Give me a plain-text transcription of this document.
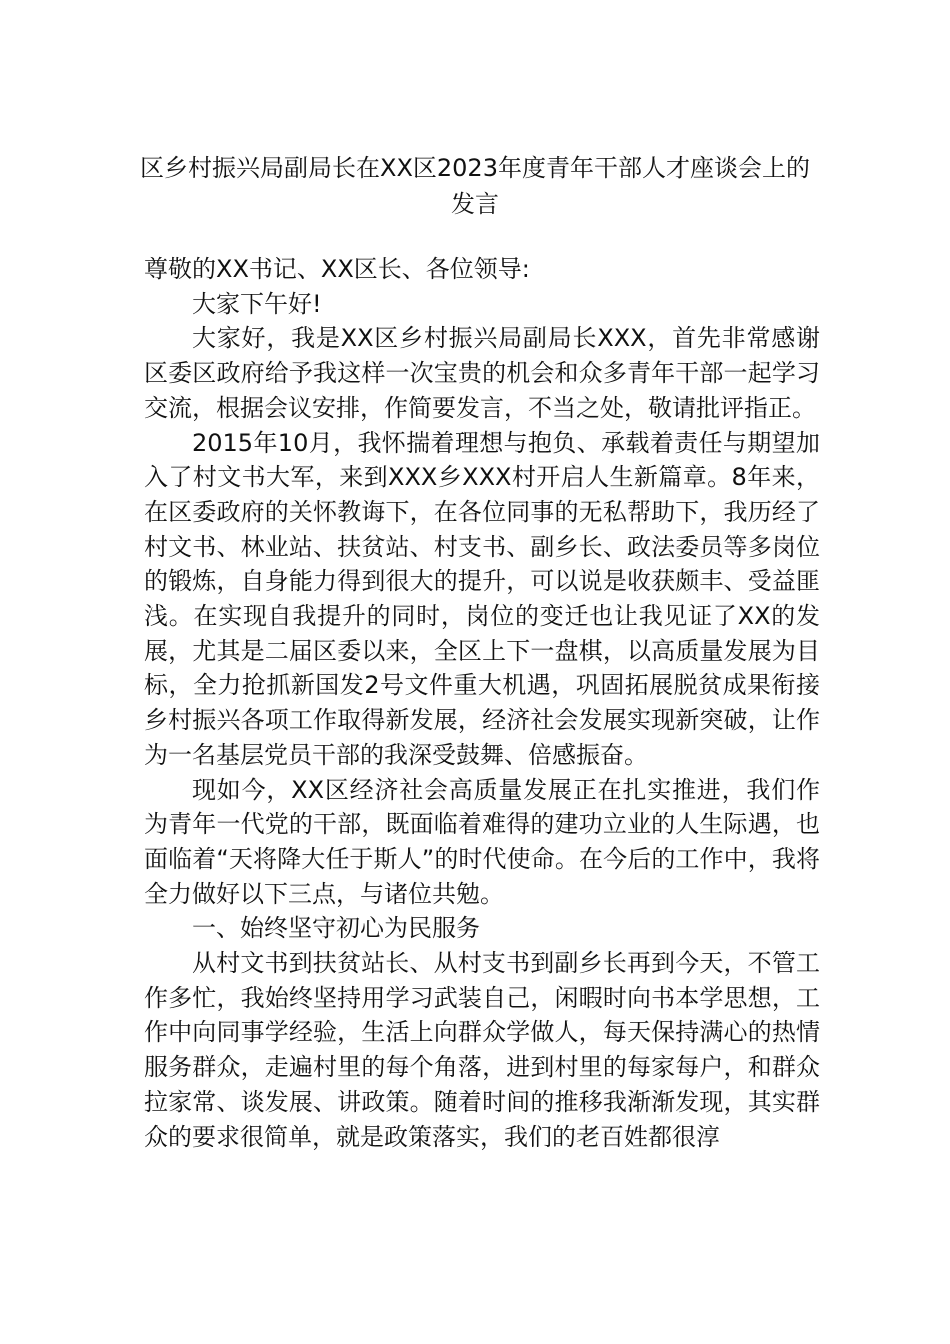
区乡村振兴局副局长在XX区2023年度青年干部人才座谈会上的发言

尊敬的XX书记、XX区长、各位领导:

大家下午好!

大家好，我是XX区乡村振兴局副局长XXX，首先非常感谢区委区政府给予我这样一次宝贵的机会和众多青年干部一起学习交流，根据会议安排，作简要发言，不当之处，敬请批评指正。

2015年10月，我怀揣着理想与抱负、承载着责任与期望加入了村文书大军，来到XXX乡XXX村开启人生新篇章。8年来，在区委政府的关怀教诲下，在各位同事的无私帮助下，我历经了村文书、林业站、扶贫站、村支书、副乡长、政法委员等多岗位的锻炼，自身能力得到很大的提升，可以说是收获颇丰、受益匪浅。在实现自我提升的同时，岗位的变迁也让我见证了XX的发展，尤其是二届区委以来，全区上下一盘棋，以高质量发展为目标，全力抢抓新国发2号文件重大机遇，巩固拓展脱贫成果衔接乡村振兴各项工作取得新发展，经济社会发展实现新突破，让作为一名基层党员干部的我深受鼓舞、倍感振奋。

现如今，XX区经济社会高质量发展正在扎实推进，我们作为青年一代党的干部，既面临着难得的建功立业的人生际遇，也面临着“天将降大任于斯人”的时代使命。在今后的工作中，我将全力做好以下三点，与诸位共勉。

一、始终坚守初心为民服务

从村文书到扶贫站长、从村支书到副乡长再到今天，不管工作多忙，我始终坚持用学习武装自己，闲暇时向书本学思想，工作中向同事学经验，生活上向群众学做人，每天保持满心的热情服务群众，走遍村里的每个角落，进到村里的每家每户，和群众拉家常、谈发展、讲政策。随着时间的推移我渐渐发现，其实群众的要求很简单，就是政策落实，我们的老百姓都很淳
